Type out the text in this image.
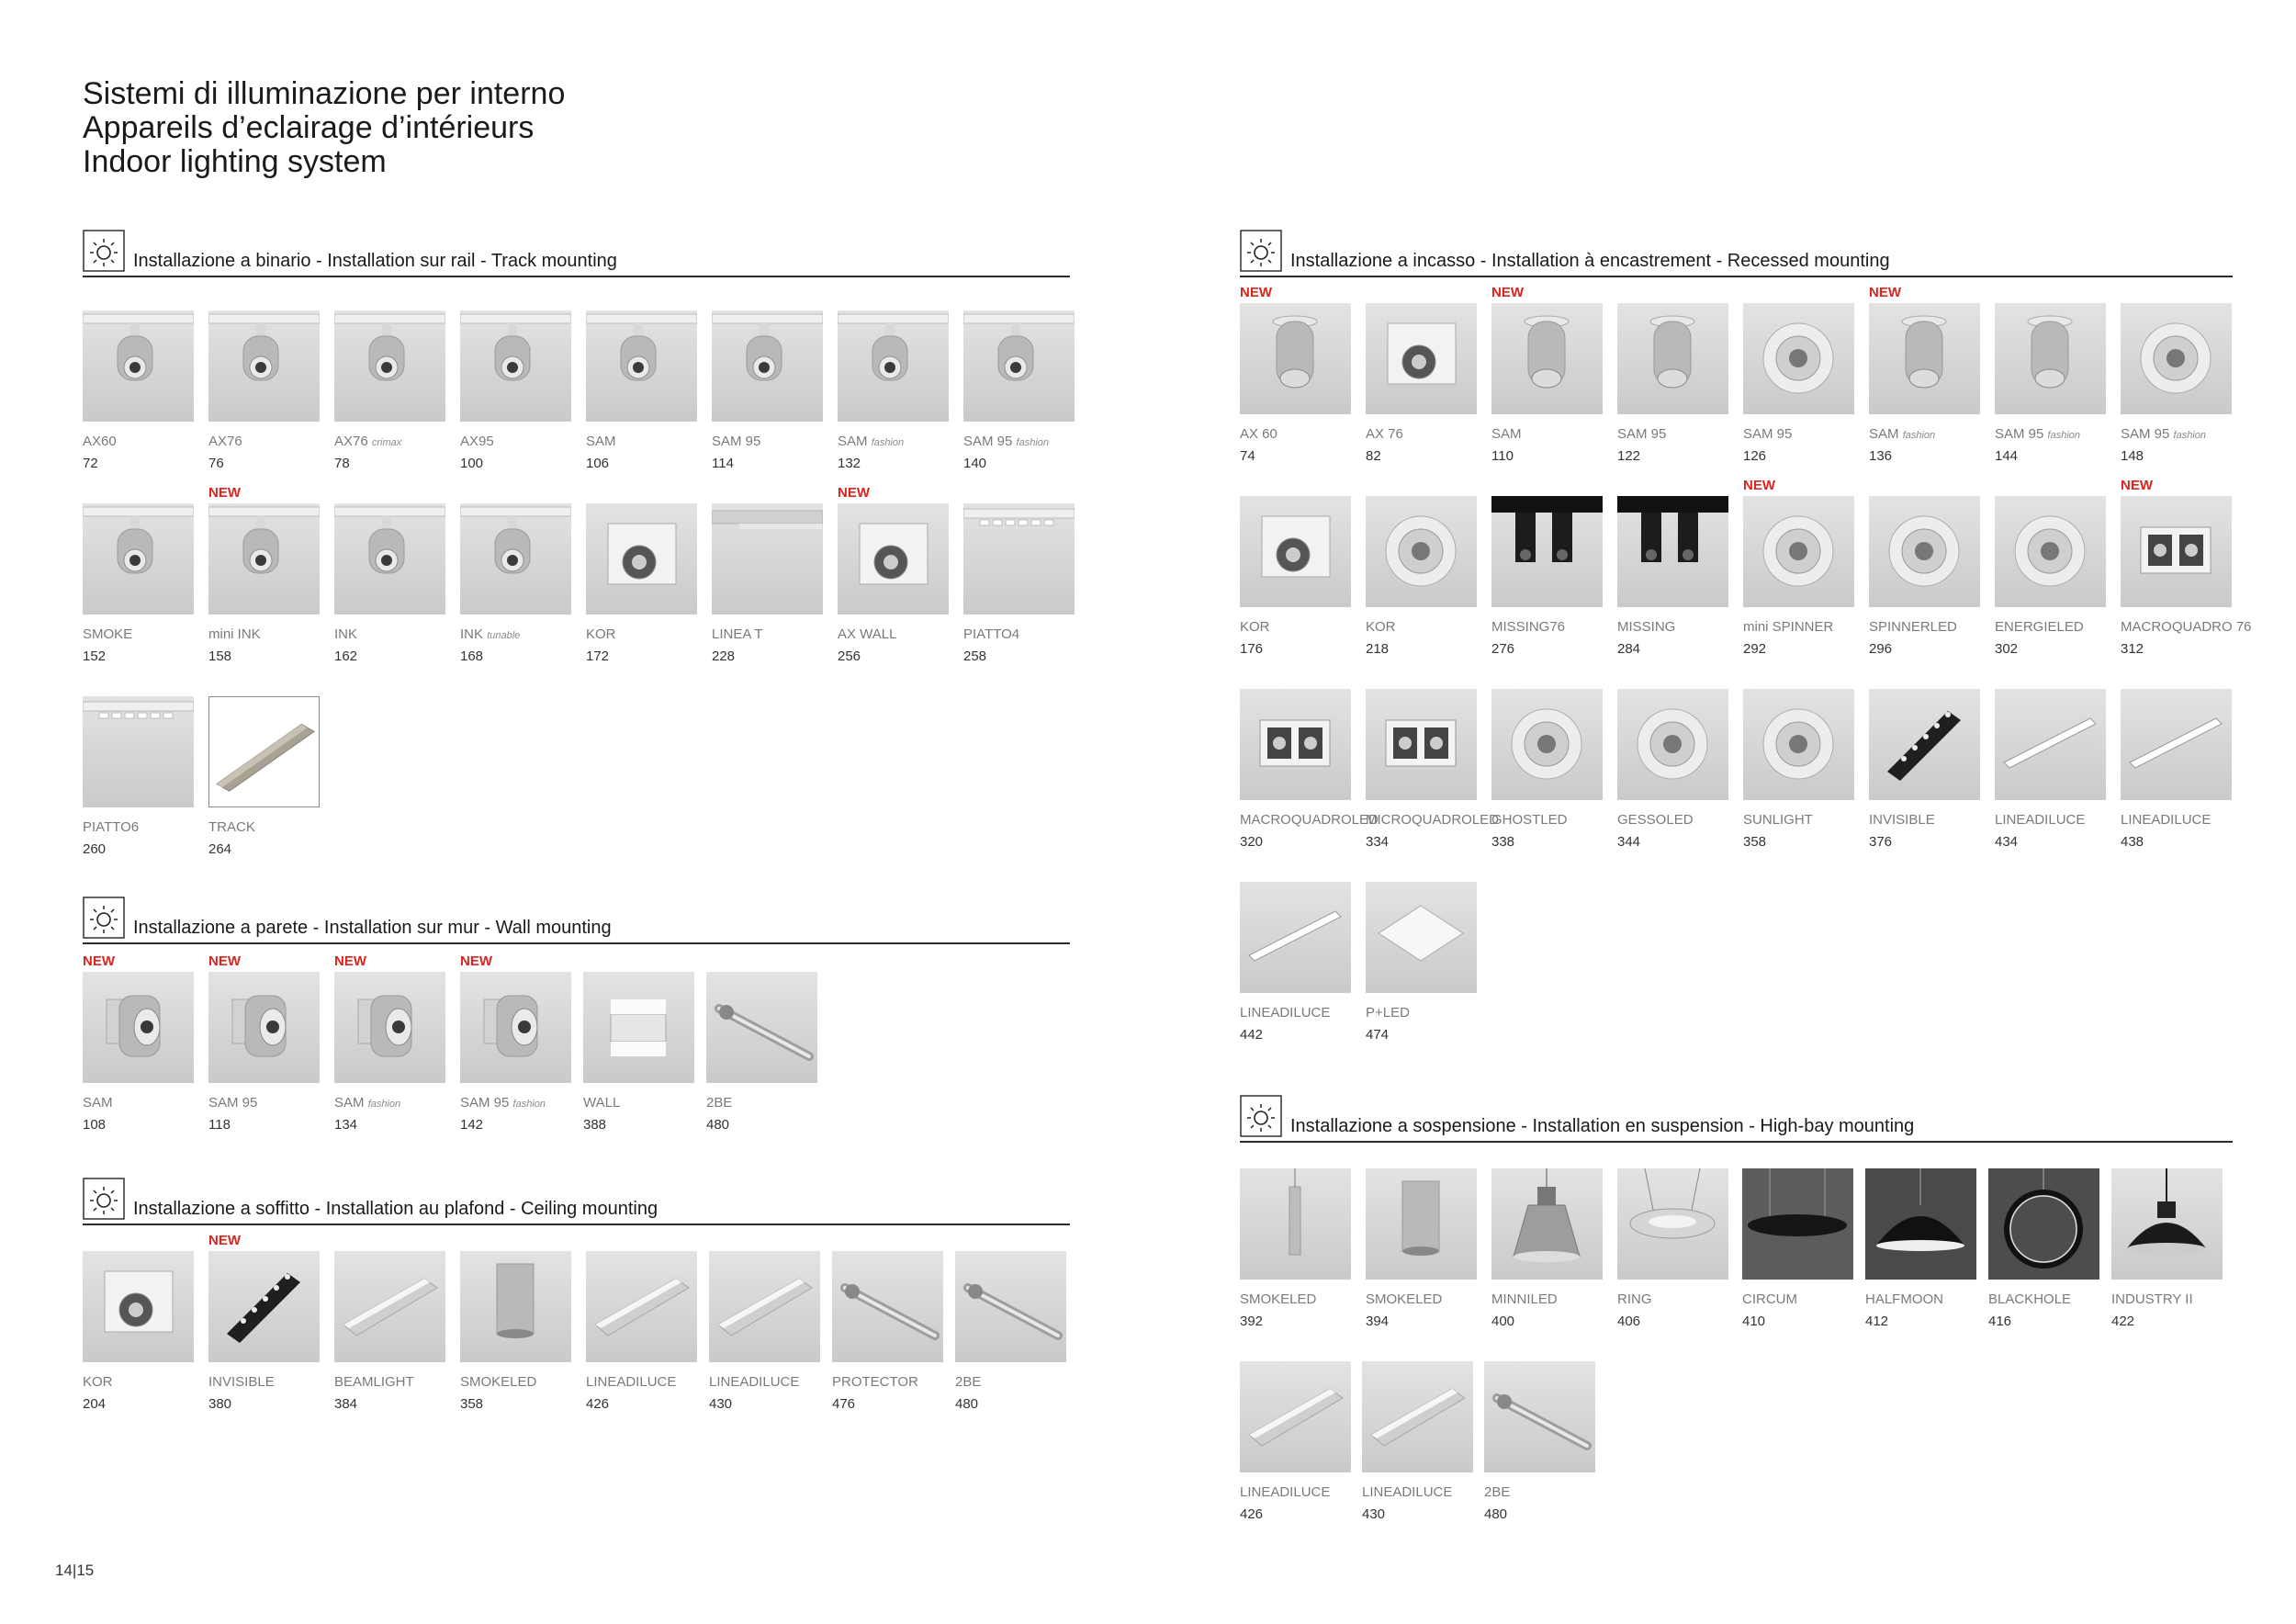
Sistemi di illuminazione per interno
Appareils d’eclairage d’intérieurs
Indoor lighting system
Installazione a binario - Installation sur rail - Track mounting
AX60
72
AX76
76
AX76 crimax
78
AX95
100
SAM
106
SAM 95
114
SAM fashion
132
SAM 95 fashion
140
SMOKE
152
NEW
mini INK
158
INK
162
INK tunable
168
KOR
172
LINEA T
228
NEW
AX WALL
256
PIATTO4
258
PIATTO6
260
TRACK
264
Installazione a parete - Installation sur mur - Wall mounting
NEW
SAM
108
NEW
SAM 95
118
NEW
SAM fashion
134
NEW
SAM 95 fashion
142
WALL
388
2BE
480
Installazione a soffitto - Installation au plafond - Ceiling mounting
KOR
204
NEW
INVISIBLE
380
BEAMLIGHT
384
SMOKELED
358
LINEADILUCE
426
LINEADILUCE
430
PROTECTOR
476
2BE
480
Installazione a incasso - Installation à encastrement - Recessed mounting
NEW
AX 60
74
AX 76
82
NEW
SAM
110
SAM 95
122
SAM 95
126
NEW
SAM fashion
136
SAM 95 fashion
144
SAM 95 fashion
148
KOR
176
KOR
218
MISSING76
276
MISSING
284
NEW
mini SPINNER
292
SPINNERLED
296
ENERGIELED
302
NEW
MACROQUADRO 76
312
MACROQUADROLED
320
MICROQUADROLED
334
GHOSTLED
338
GESSOLED
344
SUNLIGHT
358
INVISIBLE
376
LINEADILUCE
434
LINEADILUCE
438
LINEADILUCE
442
P+LED
474
Installazione a sospensione - Installation en suspension - High-bay mounting
SMOKELED
392
SMOKELED
394
MINNILED
400
RING
406
CIRCUM
410
HALFMOON
412
BLACKHOLE
416
INDUSTRY II
422
LINEADILUCE
426
LINEADILUCE
430
2BE
480
14|15
